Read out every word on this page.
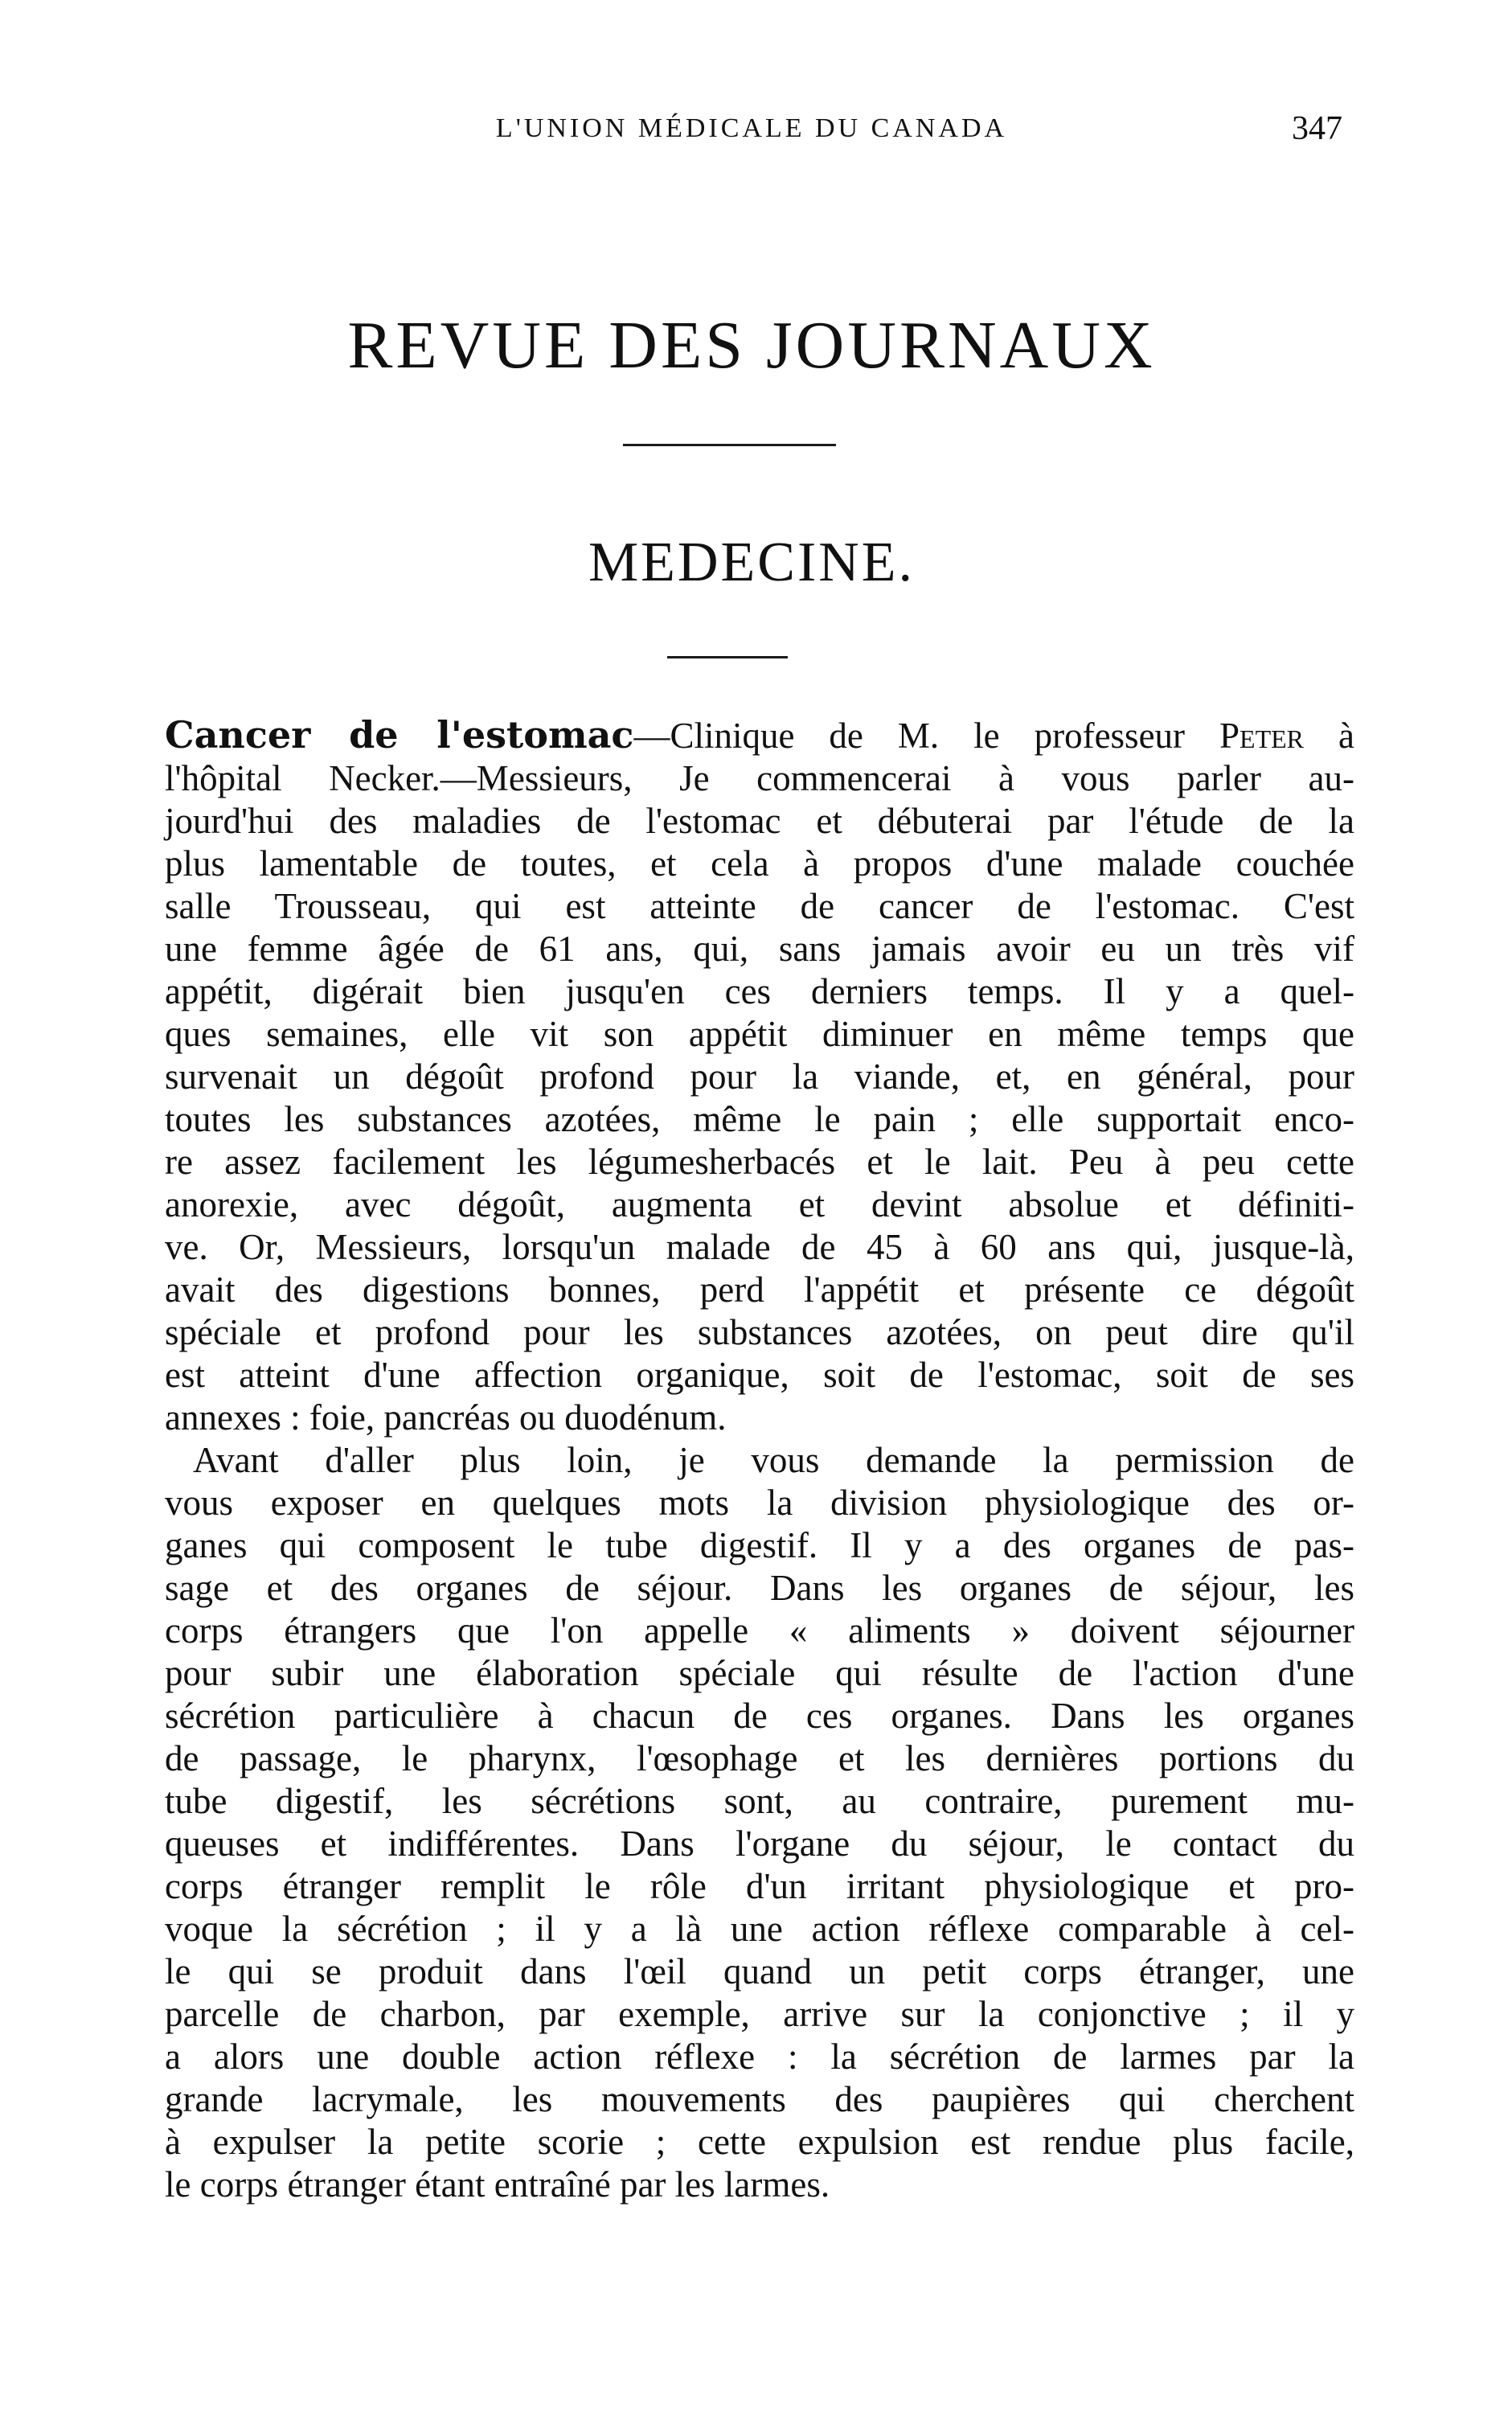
L'UNION MÉDICALE DU CANADA	347
REVUE DES JOURNAUX
MEDECINE.
Cancer de l'estomac—Clinique de M. le professeur Peter à
l'hôpital Necker.—Messieurs, Je commencerai à vous parler au-
jourd'hui des maladies de l'estomac et débuterai par l'étude de la
plus lamentable de toutes, et cela à propos d'une malade couchée
salle Trousseau, qui est atteinte de cancer de l'estomac. C'est
une femme âgée de 61 ans, qui, sans jamais avoir eu un très vif
appétit, digérait bien jusqu'en ces derniers temps. Il y a quel-
ques semaines, elle vit son appétit diminuer en même temps que
survenait un dégoût profond pour la viande, et, en général, pour
toutes les substances azotées, même le pain ; elle supportait enco-
re assez facilement les légumesherbacés et le lait. Peu à peu cette
anorexie, avec dégoût, augmenta et devint absolue et définiti-
ve. Or, Messieurs, lorsqu'un malade de 45 à 60 ans qui, jusque-là,
avait des digestions bonnes, perd l'appétit et présente ce dégoût
spéciale et profond pour les substances azotées, on peut dire qu'il
est atteint d'une affection organique, soit de l'estomac, soit de ses
annexes : foie, pancréas ou duodénum.
Avant d'aller plus loin, je vous demande la permission de
vous exposer en quelques mots la division physiologique des or-
ganes qui composent le tube digestif. Il y a des organes de pas-
sage et des organes de séjour. Dans les organes de séjour, les
corps étrangers que l'on appelle « aliments » doivent séjourner
pour subir une élaboration spéciale qui résulte de l'action d'une
sécrétion particulière à chacun de ces organes. Dans les organes
de passage, le pharynx, l'œsophage et les dernières portions du
tube digestif, les sécrétions sont, au contraire, purement mu-
queuses et indifférentes. Dans l'organe du séjour, le contact du
corps étranger remplit le rôle d'un irritant physiologique et pro-
voque la sécrétion ; il y a là une action réflexe comparable à cel-
le qui se produit dans l'œil quand un petit corps étranger, une
parcelle de charbon, par exemple, arrive sur la conjonctive ; il y
a alors une double action réflexe : la sécrétion de larmes par la
grande lacrymale, les mouvements des paupières qui cherchent
à expulser la petite scorie ; cette expulsion est rendue plus facile,
le corps étranger étant entraîné par les larmes.
